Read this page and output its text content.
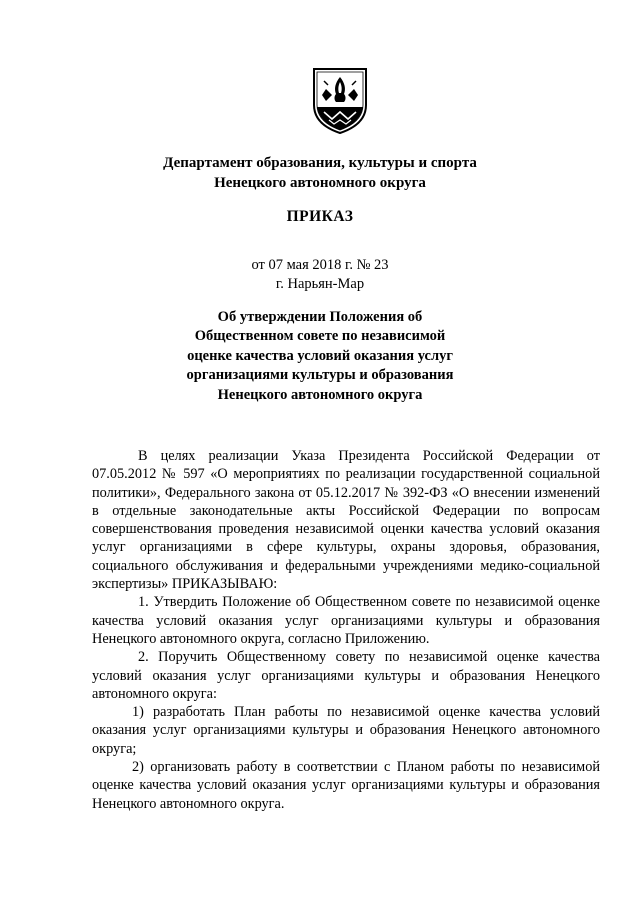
Департамент образования, культуры и спорта
Ненецкого автономного округа
ПРИКАЗ
от 07 мая 2018 г. № 23
г. Нарьян-Мар
Об утверждении Положения об
Общественном совете по независимой
оценке качества условий оказания услуг
организациями культуры и образования
Ненецкого автономного округа

В целях реализации Указа Президента Российской Федерации от 07.05.2012 № 597 «О мероприятиях по реализации государственной социальной политики», Федерального закона от 05.12.2017 № 392-ФЗ «О внесении изменений в отдельные законодательные акты Российской Федерации по вопросам совершенствования проведения независимой оценки качества условий оказания услуг организациями в сфере культуры, охраны здоровья, образования, социального обслуживания и федеральными учреждениями медико-социальной экспертизы» ПРИКАЗЫВАЮ:

1. Утвердить Положение об Общественном совете по независимой оценке качества условий оказания услуг организациями культуры и образования Ненецкого автономного округа, согласно Приложению.

2. Поручить Общественному совету по независимой оценке качества условий оказания услуг организациями культуры и образования Ненецкого автономного округа:

1) разработать План работы по независимой оценке качества условий оказания услуг организациями культуры и образования Ненецкого автономного округа;

2) организовать работу в соответствии с Планом работы по независимой оценке качества условий оказания услуг организациями культуры и образования Ненецкого автономного округа.
